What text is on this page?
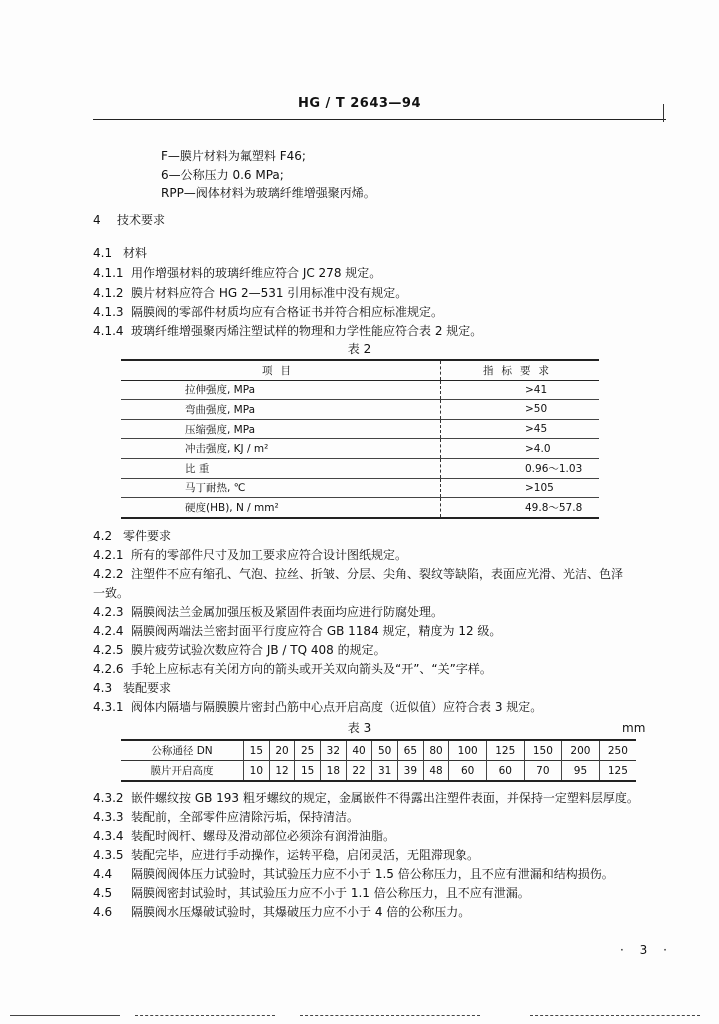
HG / T 2643—94
F—膜片材料为氟塑料 F46;
6—公称压力 0.6 MPa;
RPP—阀体材料为玻璃纤维增强聚丙烯。
4 技术要求
4.1 材料
4.1.1 用作增强材料的玻璃纤维应符合 JC 278 规定。
4.1.2 膜片材料应符合 HG 2—531 引用标准中没有规定。
4.1.3 隔膜阀的零部件材质均应有合格证书并符合相应标准规定。
4.1.4 玻璃纤维增强聚丙烯注塑试样的物理和力学性能应符合表 2 规定。
表 2
项目	指标要求
拉伸强度, MPa	>41
弯曲强度, MPa	>50
压缩强度, MPa	>45
冲击强度, KJ / m²	>4.0
比 重	0.96～1.03
马丁耐热, ℃	>105
硬度(HB), N / mm²	49.8～57.8
4.2 零件要求
4.2.1 所有的零部件尺寸及加工要求应符合设计图纸规定。
4.2.2 注塑件不应有缩孔、气泡、拉丝、折皱、分层、尖角、裂纹等缺陷，表面应光滑、光洁、色泽
一致。
4.2.3 隔膜阀法兰金属加强压板及紧固件表面均应进行防腐处理。
4.2.4 隔膜阀两端法兰密封面平行度应符合 GB 1184 规定，精度为 12 级。
4.2.5 膜片疲劳试验次数应符合 JB / TQ 408 的规定。
4.2.6 手轮上应标志有关闭方向的箭头或开关双向箭头及“开”、“关”字样。
4.3 装配要求
4.3.1 阀体内隔墙与隔膜膜片密封凸筋中心点开启高度（近似值）应符合表 3 规定。
表 3	mm
公称通径 DN	15	20	25	32	40	50	65	80	100	125	150	200	250
膜片开启高度	10	12	15	18	22	31	39	48	60	60	70	95	125
4.3.2 嵌件螺纹按 GB 193 粗牙螺纹的规定，金属嵌件不得露出注塑件表面，并保持一定塑料层厚度。
4.3.3 装配前，全部零件应清除污垢，保持清洁。
4.3.4 装配时阀杆、螺母及滑动部位必须涂有润滑油脂。
4.3.5 装配完毕，应进行手动操作，运转平稳，启闭灵活，无阻滞现象。
4.4 隔膜阀阀体压力试验时，其试验压力应不小于 1.5 倍公称压力，且不应有泄漏和结构损伤。
4.5 隔膜阀密封试验时，其试验压力应不小于 1.1 倍公称压力，且不应有泄漏。
4.6 隔膜阀水压爆破试验时，其爆破压力应不小于 4 倍的公称压力。
· 3 ·
